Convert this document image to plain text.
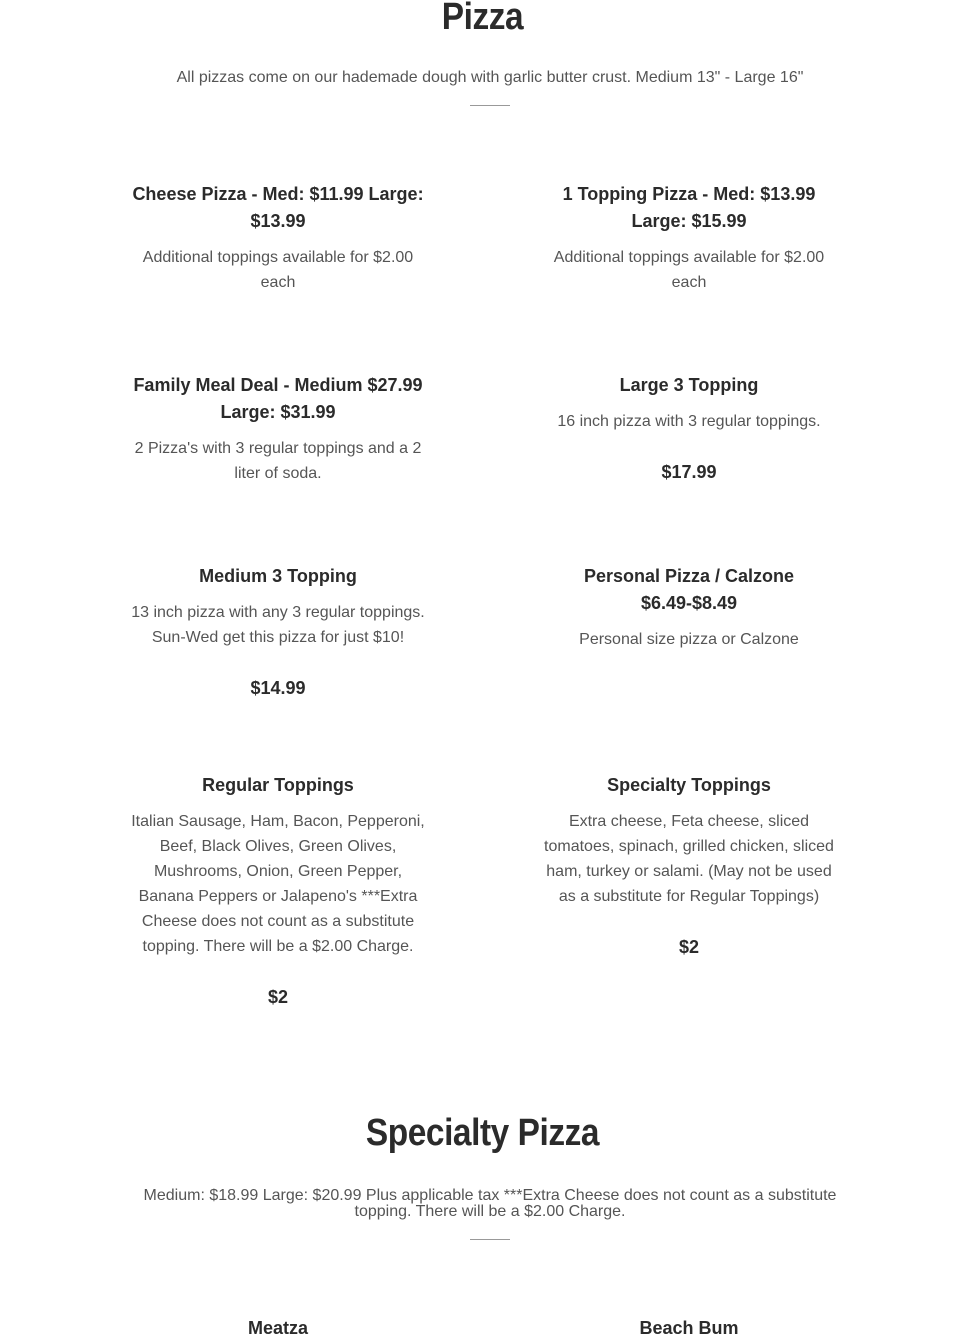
Pizza

All pizzas come on our hademade dough with garlic butter crust. Medium 13" - Large 16"

Cheese Pizza - Med: $11.99 Large: $13.99

Additional toppings available for $2.00 each

1 Topping Pizza - Med: $13.99 Large: $15.99

Additional toppings available for $2.00 each

Family Meal Deal - Medium $27.99 Large: $31.99

2 Pizza's with 3 regular toppings and a 2 liter of soda.

Large 3 Topping

16 inch pizza with 3 regular toppings.

$17.99

Medium 3 Topping

13 inch pizza with any 3 regular toppings. Sun-Wed get this pizza for just $10!

$14.99

Personal Pizza / Calzone $6.49-$8.49

Personal size pizza or Calzone

Regular Toppings

Italian Sausage, Ham, Bacon, Pepperoni, Beef, Black Olives, Green Olives, Mushrooms, Onion, Green Pepper, Banana Peppers or Jalapeno's ***Extra Cheese does not count as a substitute topping. There will be a $2.00 Charge.

$2

Specialty Toppings

Extra cheese, Feta cheese, sliced tomatoes, spinach, grilled chicken, sliced ham, turkey or salami. (May not be used as a substitute for Regular Toppings)

$2

Specialty Pizza

Medium: $18.99 Large: $20.99 Plus applicable tax ***Extra Cheese does not count as a substitute topping. There will be a $2.00 Charge.

Meatza	Beach Bum
